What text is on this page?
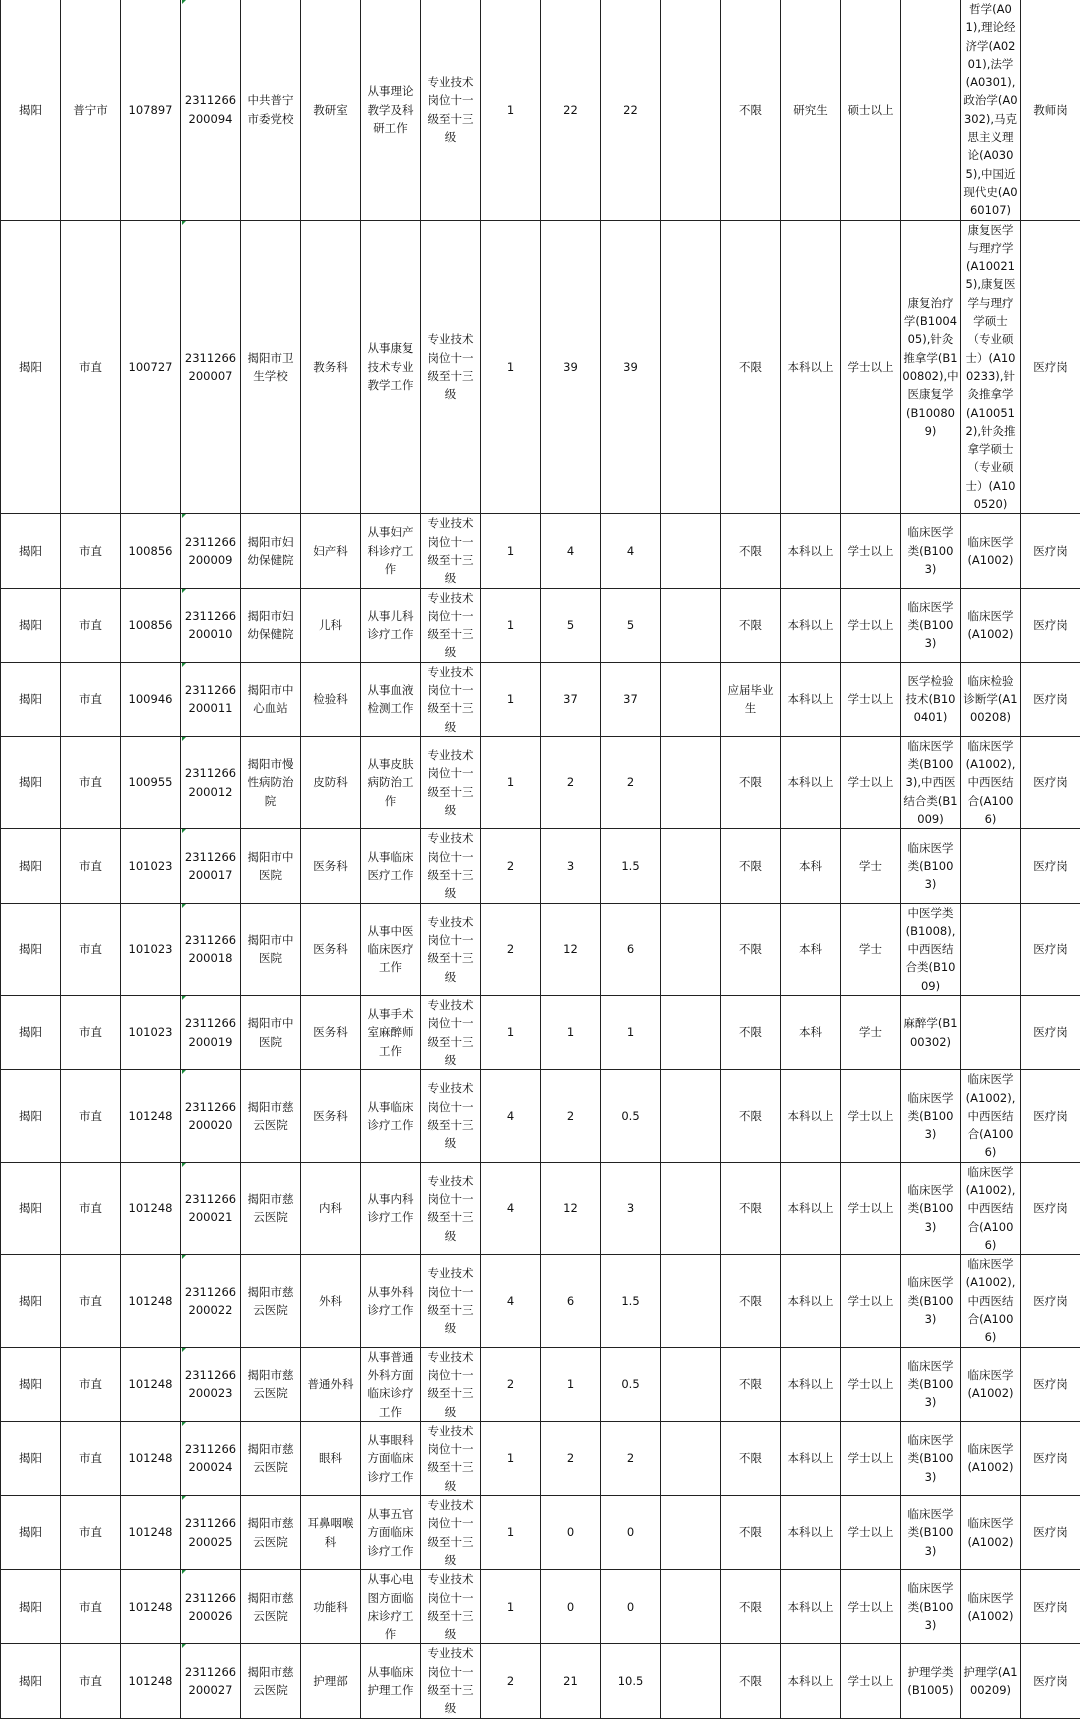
揭阳	普宁市	107897	2311266200094	中共普宁市委党校	教研室	从事理论教学及科研工作	专业技术岗位十一级至十三级	1	22	22		不限	研究生	硕士以上		哲学(A01),理论经济学(A0201),法学(A0301),政治学(A0302),马克思主义理论(A0305),中国近现代史(A060107)	教师岗
揭阳	市直	100727	2311266200007	揭阳市卫生学校	教务科	从事康复技术专业教学工作	专业技术岗位十一级至十三级	1	39	39		不限	本科以上	学士以上	康复治疗学(B100405),针灸推拿学(B100802),中医康复学(B100809)	康复医学与理疗学(A100215),康复医学与理疗学硕士（专业硕士）(A100233),针灸推拿学(A100512),针灸推拿学硕士（专业硕士）(A100520)	医疗岗
揭阳	市直	100856	2311266200009	揭阳市妇幼保健院	妇产科	从事妇产科诊疗工作	专业技术岗位十一级至十三级	1	4	4		不限	本科以上	学士以上	临床医学类(B1003)	临床医学(A1002)	医疗岗
揭阳	市直	100856	2311266200010	揭阳市妇幼保健院	儿科	从事儿科诊疗工作	专业技术岗位十一级至十三级	1	5	5		不限	本科以上	学士以上	临床医学类(B1003)	临床医学(A1002)	医疗岗
揭阳	市直	100946	2311266200011	揭阳市中心血站	检验科	从事血液检测工作	专业技术岗位十一级至十三级	1	37	37		应届毕业生	本科以上	学士以上	医学检验技术(B100401)	临床检验诊断学(A100208)	医疗岗
揭阳	市直	100955	2311266200012	揭阳市慢性病防治院	皮防科	从事皮肤病防治工作	专业技术岗位十一级至十三级	1	2	2		不限	本科以上	学士以上	临床医学类(B1003),中西医结合类(B1009)	临床医学(A1002),中西医结合(A1006)	医疗岗
揭阳	市直	101023	2311266200017	揭阳市中医院	医务科	从事临床医疗工作	专业技术岗位十一级至十三级	2	3	1.5		不限	本科	学士	临床医学类(B1003)		医疗岗
揭阳	市直	101023	2311266200018	揭阳市中医院	医务科	从事中医临床医疗工作	专业技术岗位十一级至十三级	2	12	6		不限	本科	学士	中医学类(B1008),中西医结合类(B1009)		医疗岗
揭阳	市直	101023	2311266200019	揭阳市中医院	医务科	从事手术室麻醉师工作	专业技术岗位十一级至十三级	1	1	1		不限	本科	学士	麻醉学(B100302)		医疗岗
揭阳	市直	101248	2311266200020	揭阳市慈云医院	医务科	从事临床诊疗工作	专业技术岗位十一级至十三级	4	2	0.5		不限	本科以上	学士以上	临床医学类(B1003)	临床医学(A1002),中西医结合(A1006)	医疗岗
揭阳	市直	101248	2311266200021	揭阳市慈云医院	内科	从事内科诊疗工作	专业技术岗位十一级至十三级	4	12	3		不限	本科以上	学士以上	临床医学类(B1003)	临床医学(A1002),中西医结合(A1006)	医疗岗
揭阳	市直	101248	2311266200022	揭阳市慈云医院	外科	从事外科诊疗工作	专业技术岗位十一级至十三级	4	6	1.5		不限	本科以上	学士以上	临床医学类(B1003)	临床医学(A1002),中西医结合(A1006)	医疗岗
揭阳	市直	101248	2311266200023	揭阳市慈云医院	普通外科	从事普通外科方面临床诊疗工作	专业技术岗位十一级至十三级	2	1	0.5		不限	本科以上	学士以上	临床医学类(B1003)	临床医学(A1002)	医疗岗
揭阳	市直	101248	2311266200024	揭阳市慈云医院	眼科	从事眼科方面临床诊疗工作	专业技术岗位十一级至十三级	1	2	2		不限	本科以上	学士以上	临床医学类(B1003)	临床医学(A1002)	医疗岗
揭阳	市直	101248	2311266200025	揭阳市慈云医院	耳鼻咽喉科	从事五官方面临床诊疗工作	专业技术岗位十一级至十三级	1	0	0		不限	本科以上	学士以上	临床医学类(B1003)	临床医学(A1002)	医疗岗
揭阳	市直	101248	2311266200026	揭阳市慈云医院	功能科	从事心电图方面临床诊疗工作	专业技术岗位十一级至十三级	1	0	0		不限	本科以上	学士以上	临床医学类(B1003)	临床医学(A1002)	医疗岗
揭阳	市直	101248	2311266200027	揭阳市慈云医院	护理部	从事临床护理工作	专业技术岗位十一级至十三级	2	21	10.5		不限	本科以上	学士以上	护理学类(B1005)	护理学(A100209)	医疗岗
